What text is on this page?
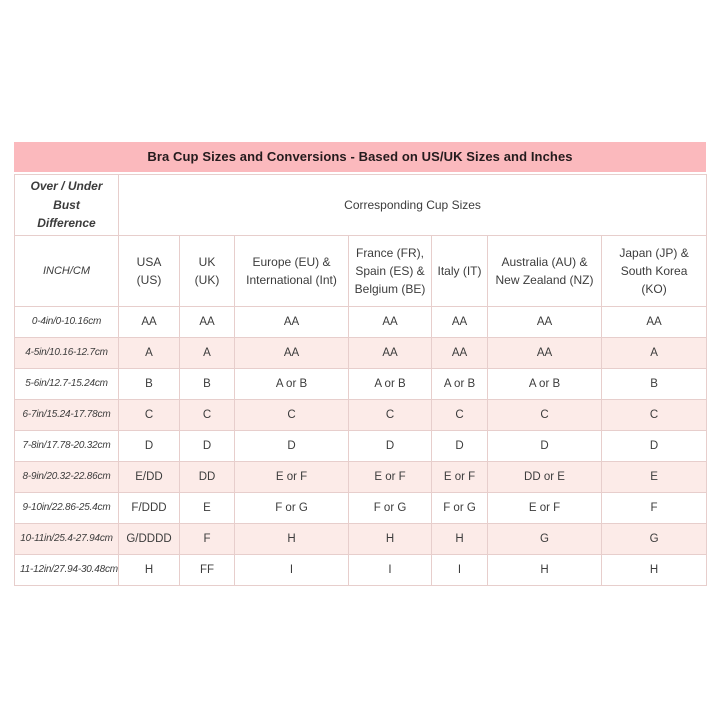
Bra Cup Sizes and Conversions - Based on US/UK Sizes and Inches
Over / Under Bust Difference	Corresponding Cup Sizes						
INCH/CM	USA (US)	UK (UK)	Europe (EU) & International (Int)	France (FR), Spain (ES) & Belgium (BE)	Italy (IT)	Australia (AU) & New Zealand (NZ)	Japan (JP) & South Korea (KO)
0-4in/0-10.16cm	AA	AA	AA	AA	AA	AA	AA
4-5in/10.16-12.7cm	A	A	AA	AA	AA	AA	A
5-6in/12.7-15.24cm	B	B	A or B	A or B	A or B	A or B	B
6-7in/15.24-17.78cm	C	C	C	C	C	C	C
7-8in/17.78-20.32cm	D	D	D	D	D	D	D
8-9in/20.32-22.86cm	E/DD	DD	E or F	E or F	E or F	DD or E	E
9-10in/22.86-25.4cm	F/DDD	E	F or G	F or G	F or G	E or F	F
10-11in/25.4-27.94cm	G/DDDD	F	H	H	H	G	G
11-12in/27.94-30.48cm	H	FF	I	I	I	H	H
